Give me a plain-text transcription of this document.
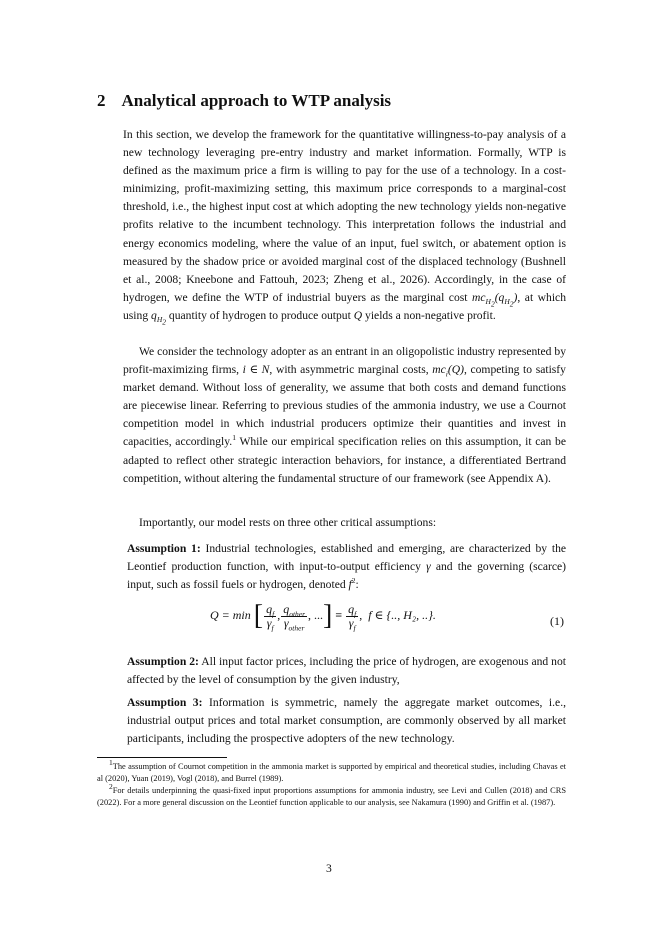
2 Analytical approach to WTP analysis
In this section, we develop the framework for the quantitative willingness-to-pay analysis of a new technology leveraging pre-entry industry and market information. Formally, WTP is defined as the maximum price a firm is willing to pay for the use of a technology. In a cost-minimizing, profit-maximizing setting, this maximum price corresponds to a marginal-cost threshold, i.e., the highest input cost at which adopting the new technology yields non-negative profits relative to the incumbent technology. This interpretation follows the industrial and energy economics modeling, where the value of an input, fuel switch, or abatement option is measured by the shadow price or avoided marginal cost of the displaced technology (Bushnell et al., 2008; Kneebone and Fattouh, 2023; Zheng et al., 2026). Accordingly, in the case of hydrogen, we define the WTP of industrial buyers as the marginal cost $mc_{H_2}(q_{H_2})$, at which using $q_{H_2}$ quantity of hydrogen to produce output Q yields a non-negative profit.
We consider the technology adopter as an entrant in an oligopolistic industry represented by profit-maximizing firms, i ∈ N, with asymmetric marginal costs, $mc_i(Q)$, competing to satisfy market demand. Without loss of generality, we assume that both costs and demand functions are piecewise linear. Referring to previous studies of the ammonia industry, we use a Cournot competition model in which industrial producers optimize their quantities and invest in capacities, accordingly.$^1$ While our empirical specification relies on this assumption, it can be adapted to reflect other strategic interaction behaviors, for instance, a differentiated Bertrand competition, without altering the fundamental structure of our framework (see Appendix A).
Importantly, our model rests on three other critical assumptions:
Assumption 1: Industrial technologies, established and emerging, are characterized by the Leontief production function, with input-to-output efficiency γ and the governing (scarce) input, such as fossil fuels or hydrogen, denoted $f^2$:
Q = min [ $\frac{q_f}{\gamma_f}$ , $\frac{q_{other}}{\gamma_{other}}$ , ...] ≡ $\frac{q_f}{\gamma_f}$ ,  f ∈ {.., H₂, ..}.	(1)
Assumption 2: All input factor prices, including the price of hydrogen, are exogenous and not affected by the level of consumption by the given industry,
Assumption 3: Information is symmetric, namely the aggregate market outcomes, i.e., industrial output prices and total market consumption, are commonly observed by all market participants, including the prospective adopters of the new technology.
$^1$The assumption of Cournot competition in the ammonia market is supported by empirical and theoretical studies, including Chavas et al (2020), Yuan (2019), Vogl (2018), and Burrel (1989).
$^2$For details underpinning the quasi-fixed input proportions assumptions for ammonia industry, see Levi and Cullen (2018) and CRS (2022). For a more general discussion on the Leontief function applicable to our analysis, see Nakamura (1990) and Griffin et al. (1987).
3
